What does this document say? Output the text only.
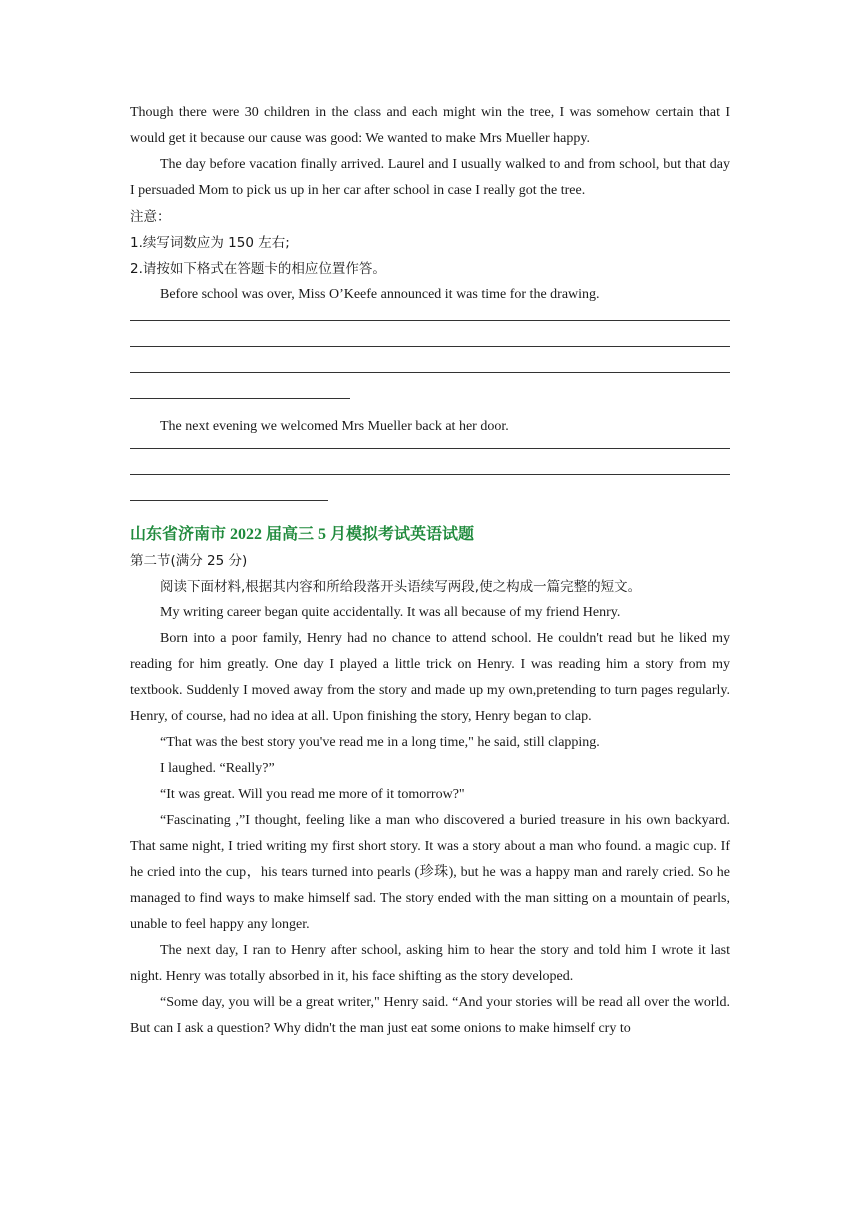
Though there were 30 children in the class and each might win the tree, I was somehow certain that I would get it because our cause was good: We wanted to make Mrs Mueller happy.

The day before vacation finally arrived. Laurel and I usually walked to and from school, but that day I persuaded Mom to pick us up in her car after school in case I really got the tree.

注意：

1.续写词数应为 150 左右;

2.请按如下格式在答题卡的相应位置作答。

Before school was over, Miss O’Keefe announced it was time for the drawing.

The next evening we welcomed Mrs Mueller back at her door.

山东省济南市 2022 届高三 5 月模拟考试英语试题

第二节(满分 25 分)

阅读下面材料,根据其内容和所给段落开头语续写两段,使之构成一篇完整的短文。

My writing career began quite accidentally. It was all because of my friend Henry.

Born into a poor family, Henry had no chance to attend school. He couldn't read but he liked my reading for him greatly. One day I played a little trick on Henry. I was reading him a story from my textbook. Suddenly I moved away from the story and made up my own,pretending to turn pages regularly. Henry, of course, had no idea at all. Upon finishing the story, Henry began to clap.

“That was the best story you've read me in a long time," he said, still clapping.

I laughed. “Really?”

“It was great. Will you read me more of it tomorrow?"

“Fascinating ,”I thought, feeling like a man who discovered a buried treasure in his own backyard. That same night, I tried writing my first short story. It was a story about a man who found. a magic cup. If he cried into the cup，his tears turned into pearls (珍珠), but he was a happy man and rarely cried. So he managed to find ways to make himself sad. The story ended with the man sitting on a mountain of pearls, unable to feel happy any longer.

The next day, I ran to Henry after school, asking him to hear the story and told him I wrote it last night. Henry was totally absorbed in it, his face shifting as the story developed.

“Some day, you will be a great writer," Henry said. “And your stories will be read all over the world. But can I ask a question? Why didn't the man just eat some onions to make himself cry to
